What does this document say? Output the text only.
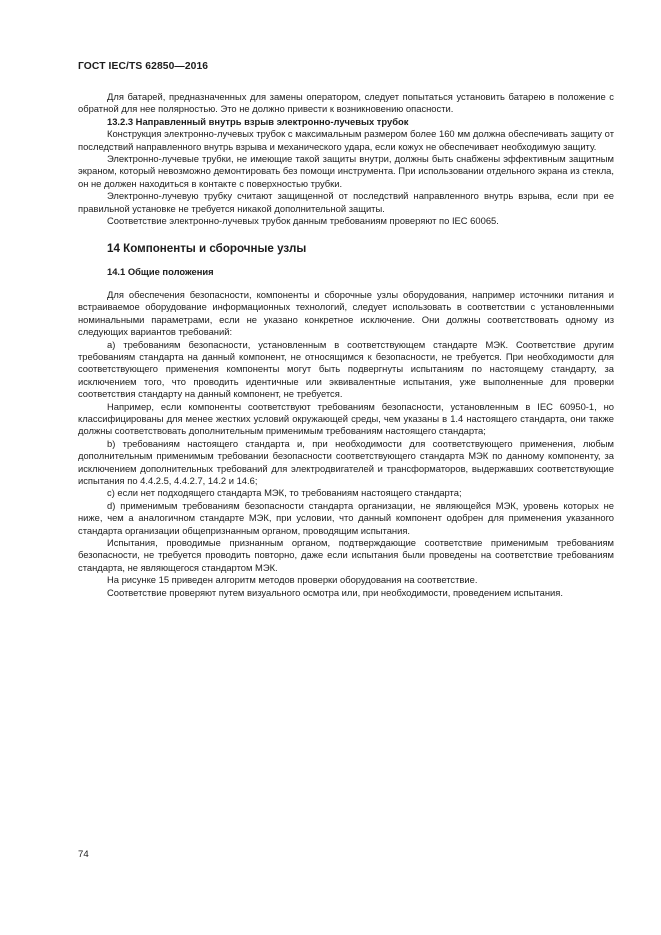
ГОСТ IEC/TS 62850—2016

Для батарей, предназначенных для замены оператором, следует попытаться установить батарею в положение с обратной для нее полярностью. Это не должно привести к возникновению опасности.

13.2.3 Направленный внутрь взрыв электронно-лучевых трубок

Конструкция электронно-лучевых трубок с максимальным размером более 160 мм должна обеспечивать защиту от последствий направленного внутрь взрыва и механического удара, если кожух не обеспечивает необходимую защиту.

Электронно-лучевые трубки, не имеющие такой защиты внутри, должны быть снабжены эффективным защитным экраном, который невозможно демонтировать без помощи инструмента. При использовании отдельного экрана из стекла, он не должен находиться в контакте с поверхностью трубки.

Электронно-лучевую трубку считают защищенной от последствий направленного внутрь взрыва, если при ее правильной установке не требуется никакой дополнительной защиты.

Соответствие электронно-лучевых трубок данным требованиям проверяют по IEC 60065.

14 Компоненты и сборочные узлы
14.1 Общие положения

Для обеспечения безопасности, компоненты и сборочные узлы оборудования, например источники питания и встраиваемое оборудование информационных технологий, следует использовать в соответствии с установленными номинальными параметрами, если не указано конкретное исключение. Они должны соответствовать одному из следующих вариантов требований:

a) требованиям безопасности, установленным в соответствующем стандарте МЭК. Соответствие другим требованиям стандарта на данный компонент, не относящимся к безопасности, не требуется. При необходимости для соответствующего применения компоненты могут быть подвергнуты испытаниям по настоящему стандарту, за исключением того, что проводить идентичные или эквивалентные испытания, уже выполненные для проверки соответствия стандарту на данный компонент, не требуется.

Например, если компоненты соответствуют требованиям безопасности, установленным в IEC 60950-1, но классифицированы для менее жестких условий окружающей среды, чем указаны в 1.4 настоящего стандарта, они также должны соответствовать дополнительным применимым требованиям настоящего стандарта;

b) требованиям настоящего стандарта и, при необходимости для соответствующего применения, любым дополнительным применимым требовании безопасности соответствующего стандарта МЭК по данному компоненту, за исключением дополнительных требований для электродвигателей и трансформаторов, выдержавших соответствующие испытания по 4.4.2.5, 4.4.2.7, 14.2 и 14.6;

c) если нет подходящего стандарта МЭК, то требованиям настоящего стандарта;

d) применимым требованиям безопасности стандарта организации, не являющейся МЭК, уровень которых не ниже, чем а аналогичном стандарте МЭК, при условии, что данный компонент одобрен для применения указанного стандарта организации общепризнанным органом, проводящим испытания.

Испытания, проводимые признанным органом, подтверждающие соответствие применимым требованиям безопасности, не требуется проводить повторно, даже если испытания были проведены на соответствие требованиям стандарта, не являющегося стандартом МЭК.

На рисунке 15 приведен алгоритм методов проверки оборудования на соответствие.

Соответствие проверяют путем визуального осмотра или, при необходимости, проведением испытания.

74
